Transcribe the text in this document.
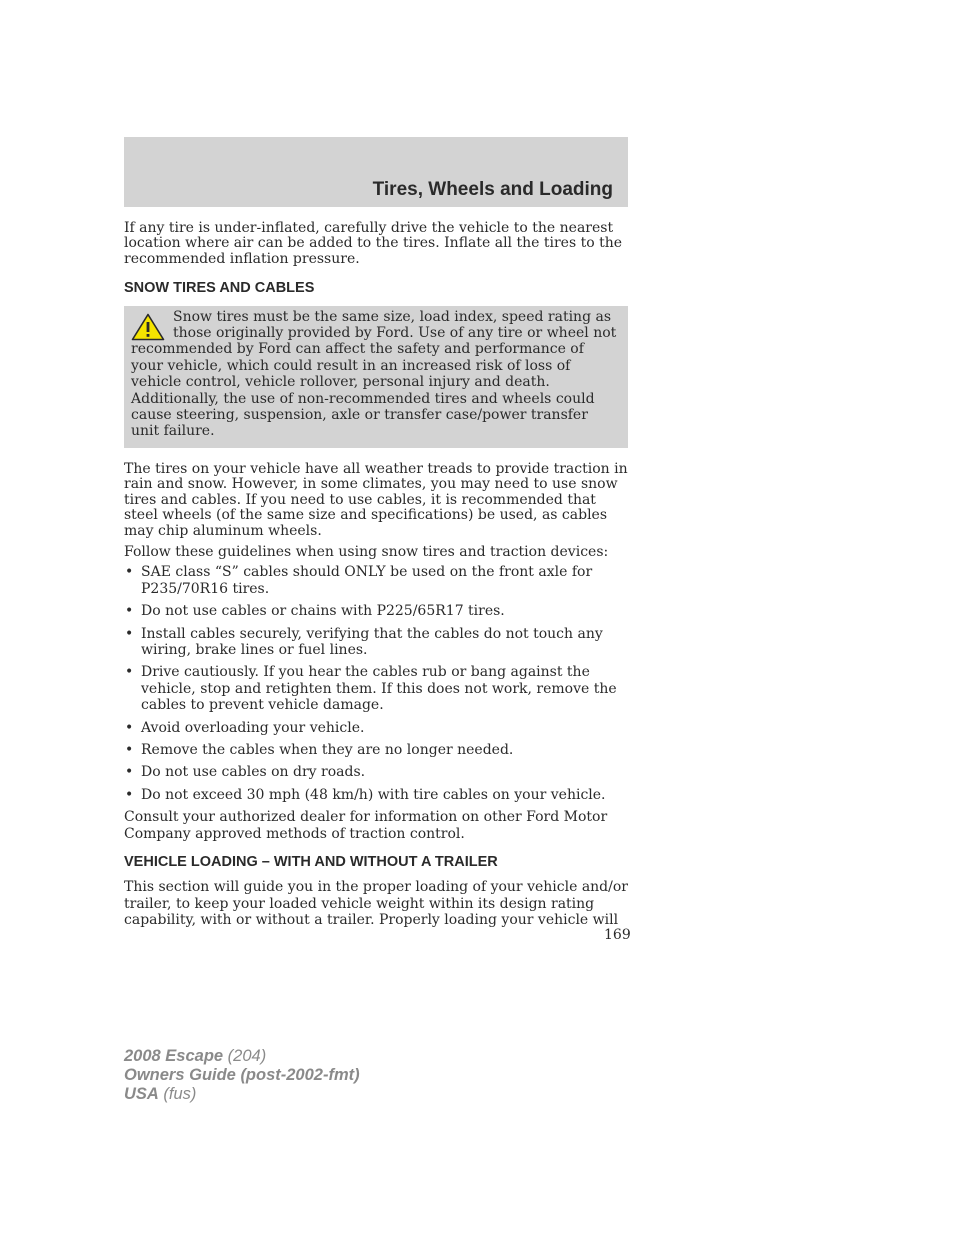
Tires, Wheels and Loading

If any tire is under-inflated, carefully drive the vehicle to the nearest location where air can be added to the tires. Inflate all the tires to the recommended inflation pressure.

SNOW TIRES AND CABLES
Snow tires must be the same size, load index, speed rating as those originally provided by Ford. Use of any tire or wheel not recommended by Ford can affect the safety and performance of your vehicle, which could result in an increased risk of loss of vehicle control, vehicle rollover, personal injury and death. Additionally, the use of non-recommended tires and wheels could cause steering, suspension, axle or transfer case/power transfer unit failure.

The tires on your vehicle have all weather treads to provide traction in rain and snow. However, in some climates, you may need to use snow tires and cables. If you need to use cables, it is recommended that steel wheels (of the same size and specifications) be used, as cables may chip aluminum wheels.

Follow these guidelines when using snow tires and traction devices:

• SAE class “S” cables should ONLY be used on the front axle for P235/70R16 tires.
• Do not use cables or chains with P225/65R17 tires.
• Install cables securely, verifying that the cables do not touch any wiring, brake lines or fuel lines.
• Drive cautiously. If you hear the cables rub or bang against the vehicle, stop and retighten them. If this does not work, remove the cables to prevent vehicle damage.
• Avoid overloading your vehicle.
• Remove the cables when they are no longer needed.
• Do not use cables on dry roads.
• Do not exceed 30 mph (48 km/h) with tire cables on your vehicle.

Consult your authorized dealer for information on other Ford Motor Company approved methods of traction control.

VEHICLE LOADING – WITH AND WITHOUT A TRAILER

This section will guide you in the proper loading of your vehicle and/or trailer, to keep your loaded vehicle weight within its design rating capability, with or without a trailer. Properly loading your vehicle will

169
2008 Escape (204)
Owners Guide (post-2002-fmt)
USA (fus)
